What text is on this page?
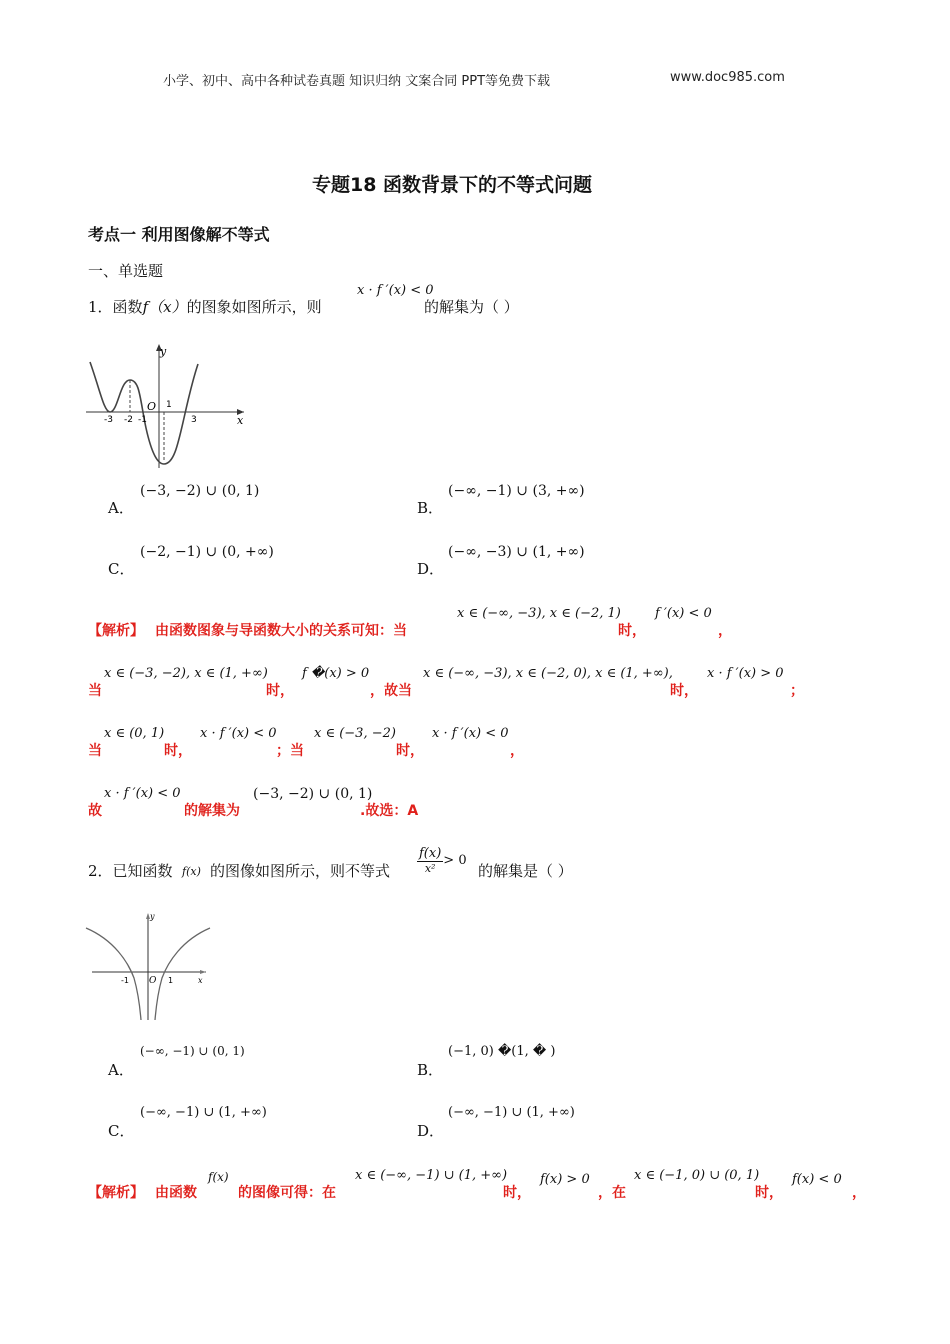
小学、初中、高中各种试卷真题 知识归纳 文案合同 PPT等免费下载	www.doc985.com
专题18 函数背景下的不等式问题
考点一 利用图像解不等式
一、单选题
1．函数f（x）的图象如图所示，则
x · f ′(x) < 0
的解集为（ ）
y
x
O
-3 -2 -1
1
3
A．
(−3, −2) ∪ (0, 1)
B．
(−∞, −1) ∪ (3, +∞)
C．
(−2, −1) ∪ (0, +∞)
D．
(−∞, −3) ∪ (1, +∞)
【解析】 由函数图象与导函数大小的关系可知：当
x ∈ (−∞, −3), x ∈ (−2, 1)
时，
f ′(x) < 0
，
当
x ∈ (−3, −2), x ∈ (1, +∞)
时，
f �(x) > 0
，故当
x ∈ (−∞, −3), x ∈ (−2, 0), x ∈ (1, +∞),
时，
x · f ′(x) > 0
；
当
x ∈ (0, 1)
时，
x · f ′(x) < 0
；当
x ∈ (−3, −2)
时，
x · f ′(x) < 0
，
故
x · f ′(x) < 0
的解集为
(−3, −2) ∪ (0, 1)
.故选：A
2．已知函数 f(x) 的图像如图所示，则不等式 $\frac{f(x)}{\text{x²}} > 0$
的解集是（ ）
y
x
O
-1	1
A．
(−∞, −1) ∪ (0, 1)
B．
(−1, 0) �(1, � )
C．
(−∞, −1) ∪ (1, +∞)
D．
(−∞, −1) ∪ (1, +∞)
【解析】 由函数
f(x)
的图像可得：在
x ∈ (−∞, −1) ∪ (1, +∞)
时，
f(x) > 0
，在
x ∈ (−1, 0) ∪ (0, 1)
时，
f(x) < 0
，
